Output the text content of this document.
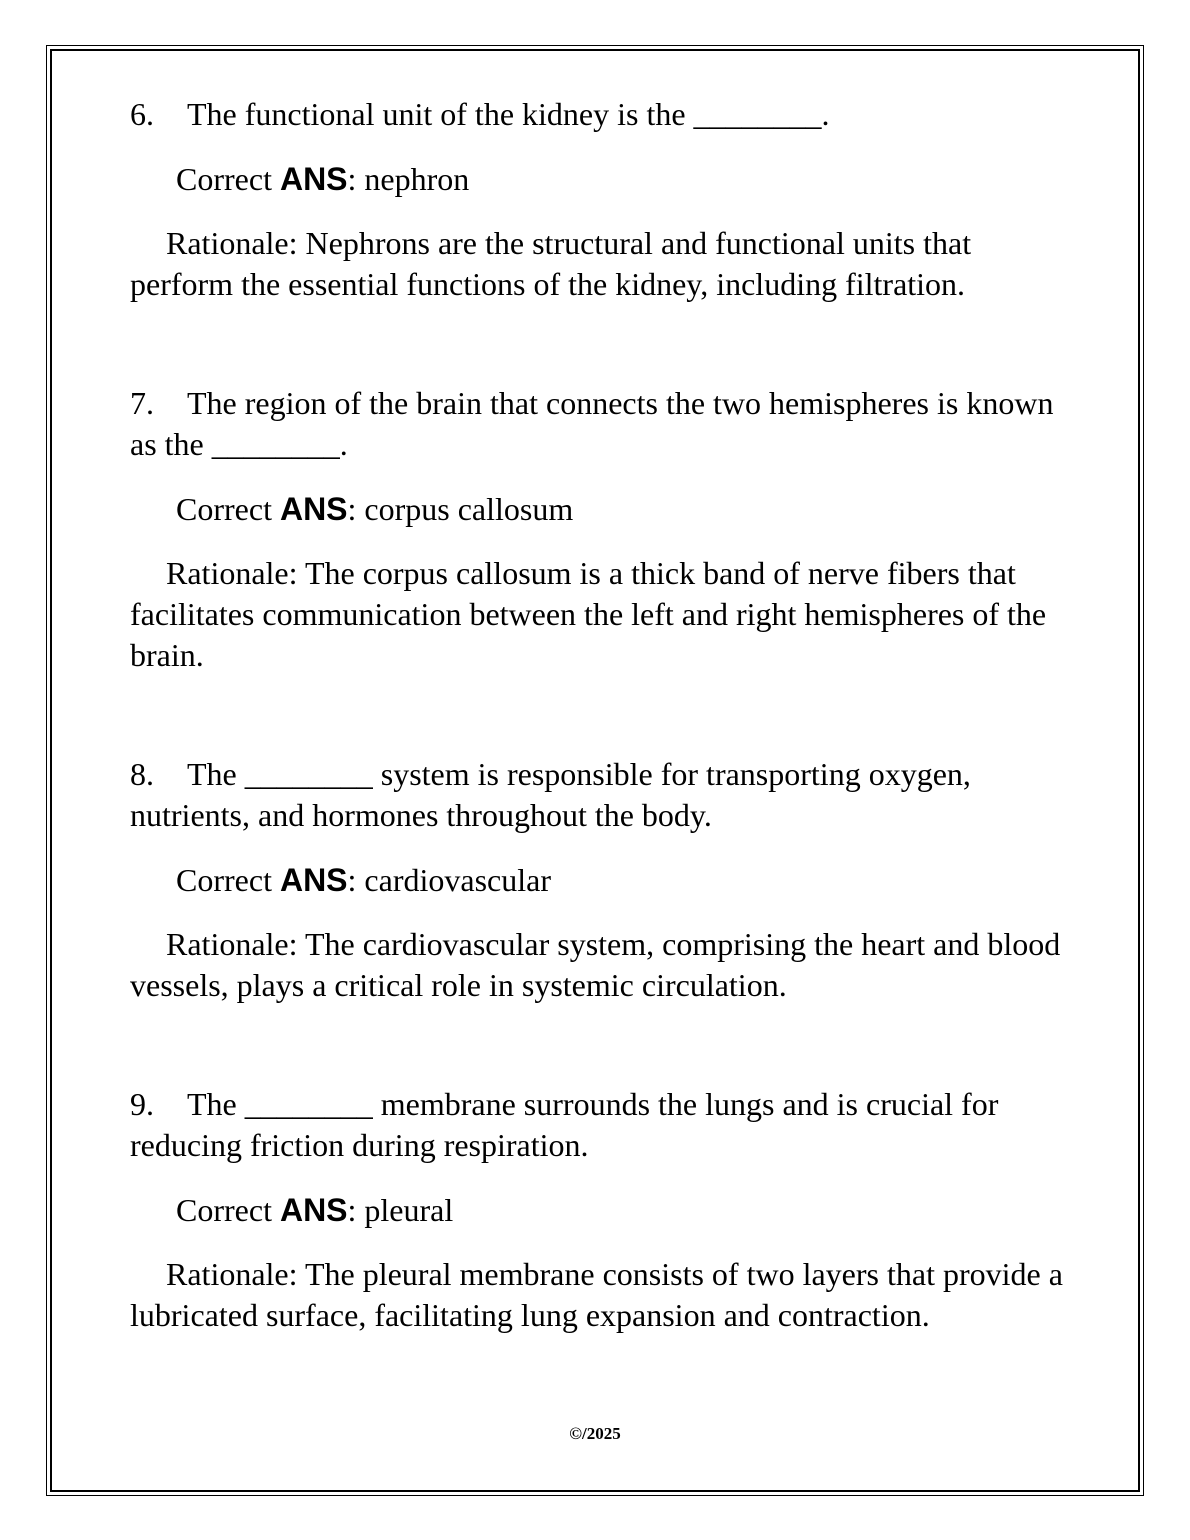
6. The functional unit of the kidney is the ________.

Correct ANS: nephron

Rationale: Nephrons are the structural and functional units that perform the essential functions of the kidney, including filtration.

7. The region of the brain that connects the two hemispheres is known as the ________.

Correct ANS: corpus callosum

Rationale: The corpus callosum is a thick band of nerve fibers that facilitates communication between the left and right hemispheres of the brain.

8. The ________ system is responsible for transporting oxygen, nutrients, and hormones throughout the body.

Correct ANS: cardiovascular

Rationale: The cardiovascular system, comprising the heart and blood vessels, plays a critical role in systemic circulation.

9. The ________ membrane surrounds the lungs and is crucial for reducing friction during respiration.

Correct ANS: pleural

Rationale: The pleural membrane consists of two layers that provide a lubricated surface, facilitating lung expansion and contraction.

©/2025
